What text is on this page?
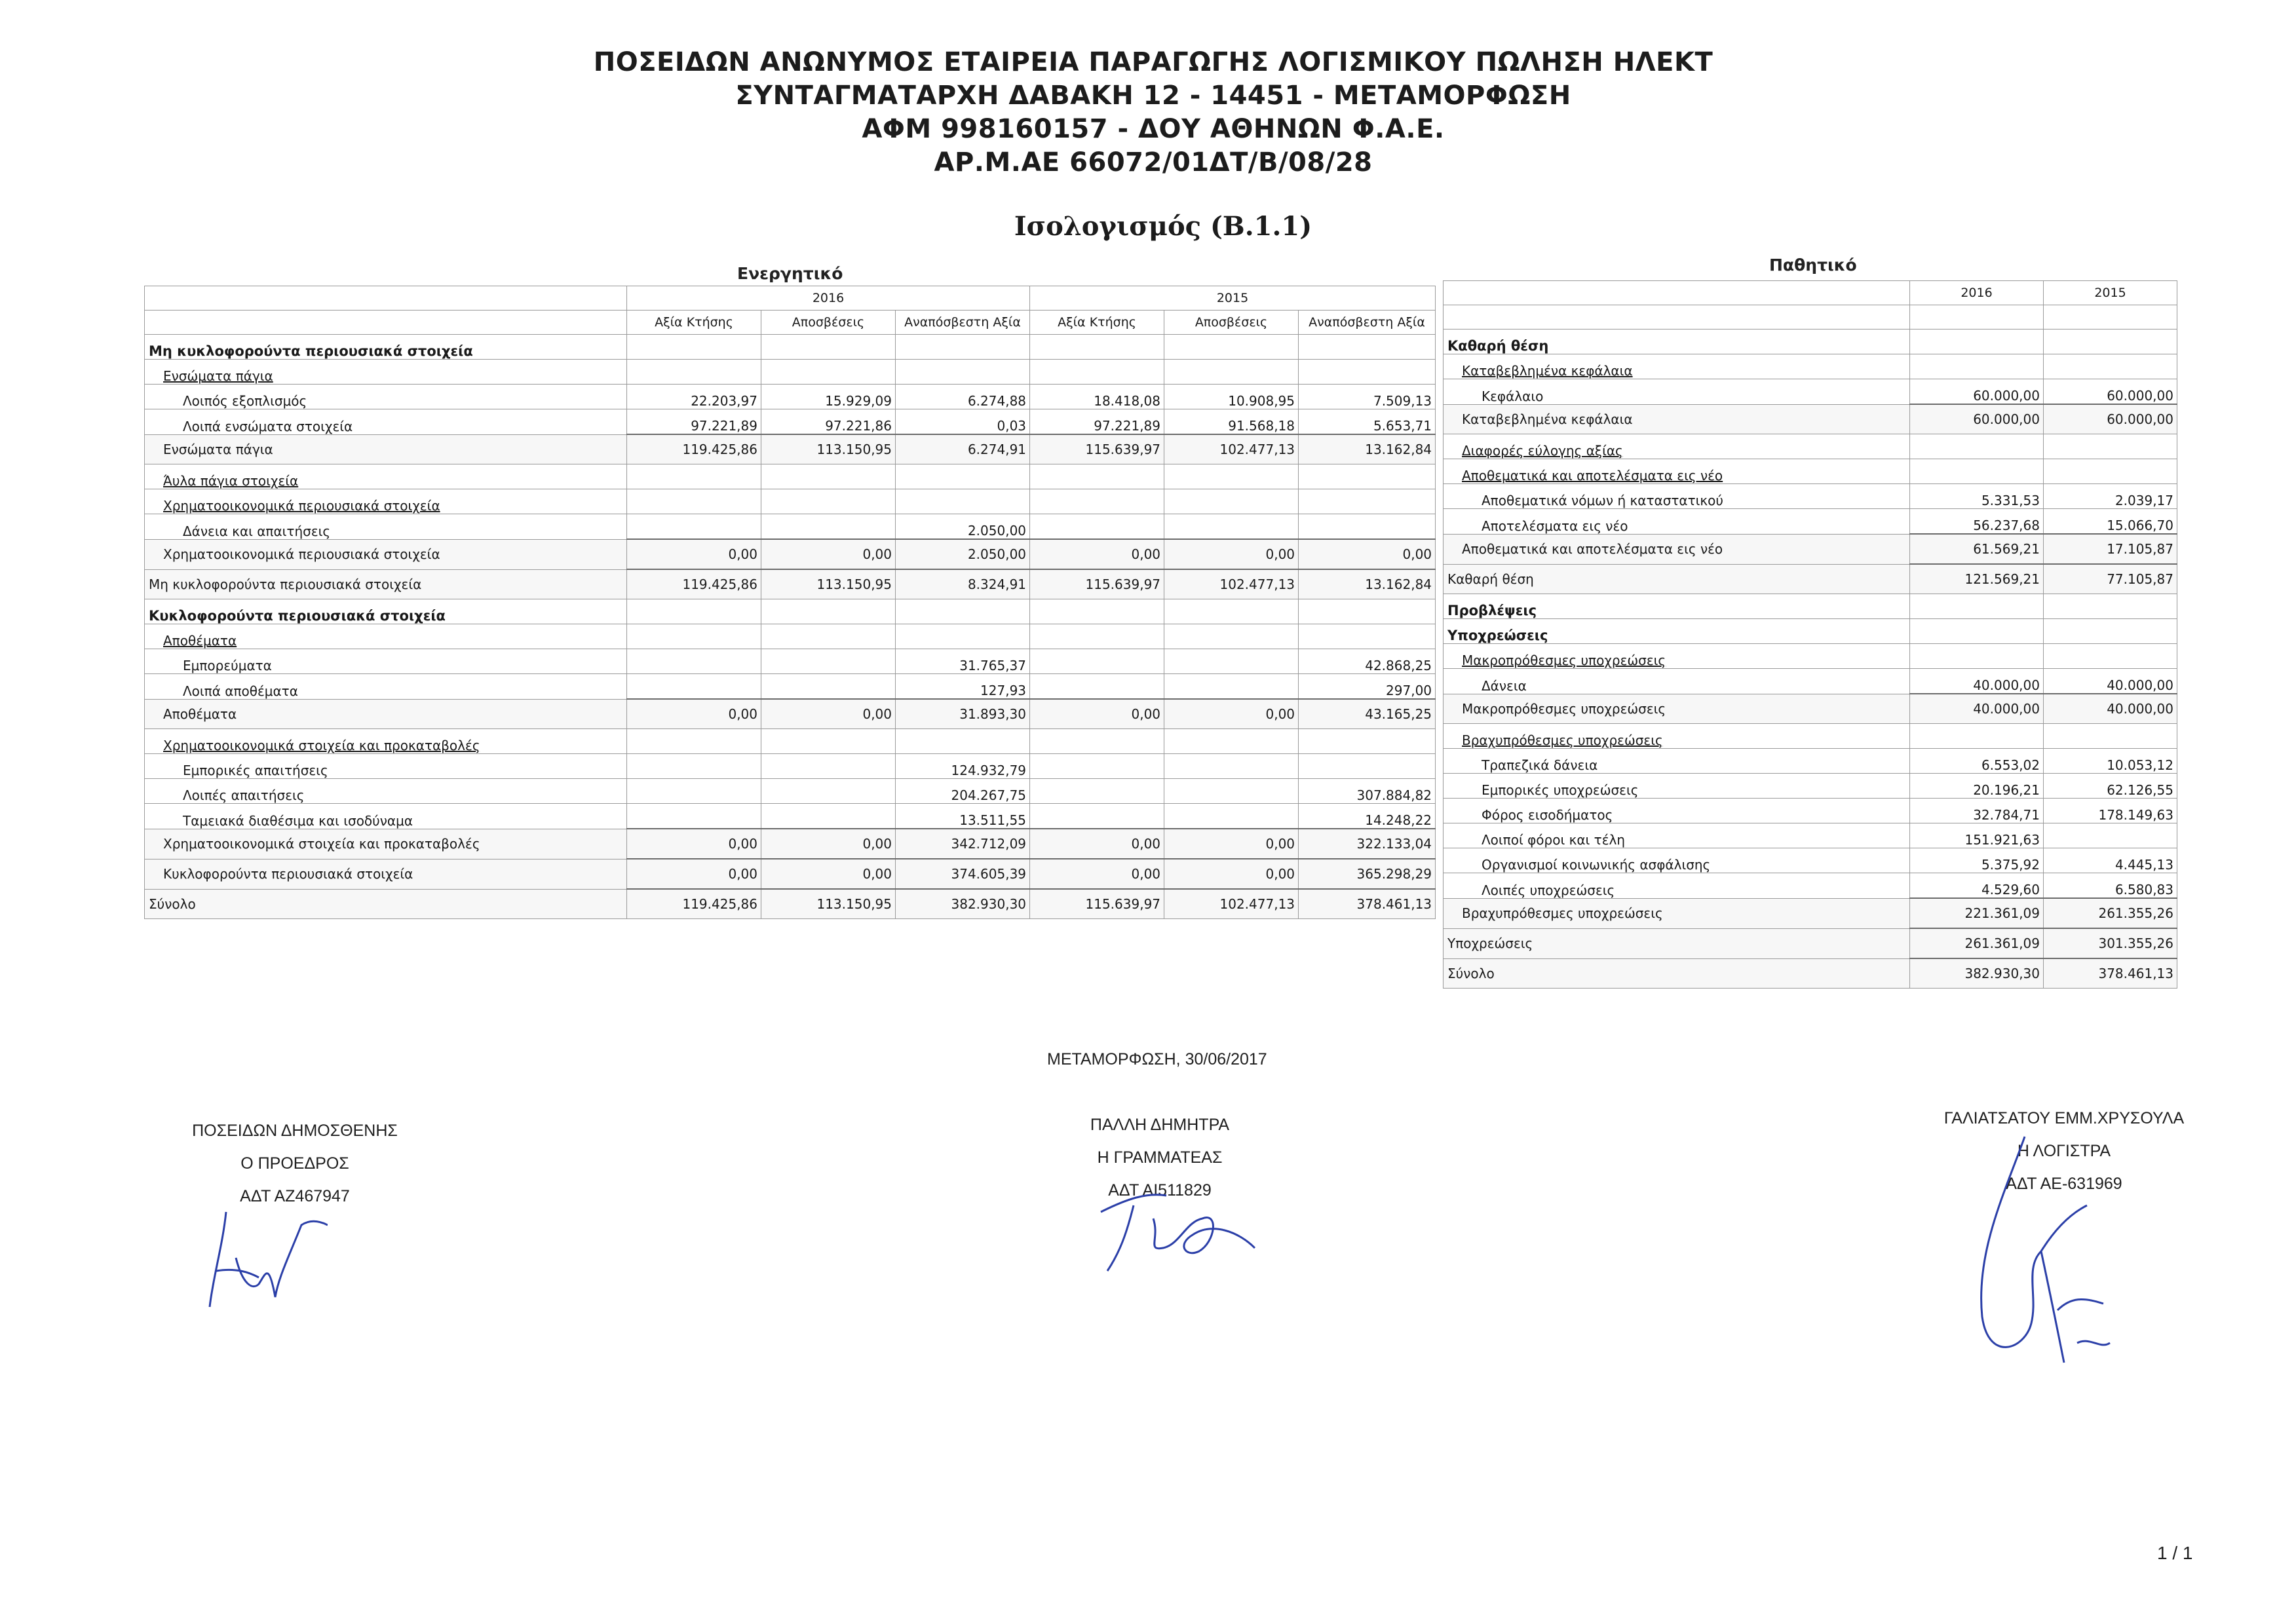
ΠΟΣΕΙΔΩΝ ΑΝΩΝΥΜΟΣ ΕΤΑΙΡΕΙΑ ΠΑΡΑΓΩΓΗΣ ΛΟΓΙΣΜΙΚΟΥ ΠΩΛΗΣΗ ΗΛΕΚΤ
ΣΥΝΤΑΓΜΑΤΑΡΧΗ ΔΑΒΑΚΗ 12 - 14451 - ΜΕΤΑΜΟΡΦΩΣΗ
ΑΦΜ 998160157 - ΔΟΥ ΑΘΗΝΩΝ Φ.Α.Ε.
ΑΡ.Μ.ΑΕ 66072/01ΔΤ/Β/08/28
Ισολογισμός (Β.1.1)
Ενεργητικό
	2016			2015		
	Αξία Κτήσης	Αποσβέσεις	Αναπόσβεστη Αξία	Αξία Κτήσης	Αποσβέσεις	Αναπόσβεστη Αξία
Μη κυκλοφορούντα περιουσιακά στοιχεία						
Ενσώματα πάγια						
Λοιπός εξοπλισμός	22.203,97	15.929,09	6.274,88	18.418,08	10.908,95	7.509,13
Λοιπά ενσώματα στοιχεία	97.221,89	97.221,86	0,03	97.221,89	91.568,18	5.653,71
Ενσώματα πάγια	119.425,86	113.150,95	6.274,91	115.639,97	102.477,13	13.162,84
Άυλα πάγια στοιχεία						
Χρηματοοικονομικά περιουσιακά στοιχεία						
Δάνεια και απαιτήσεις			2.050,00			
Χρηματοοικονομικά περιουσιακά στοιχεία	0,00	0,00	2.050,00	0,00	0,00	0,00
Μη κυκλοφορούντα περιουσιακά στοιχεία	119.425,86	113.150,95	8.324,91	115.639,97	102.477,13	13.162,84
Κυκλοφορούντα περιουσιακά στοιχεία						
Αποθέματα						
Εμπορεύματα			31.765,37			42.868,25
Λοιπά αποθέματα			127,93			297,00
Αποθέματα	0,00	0,00	31.893,30	0,00	0,00	43.165,25
Χρηματοοικονομικά στοιχεία και προκαταβολές						
Εμπορικές απαιτήσεις			124.932,79			
Λοιπές απαιτήσεις			204.267,75			307.884,82
Ταμειακά διαθέσιμα και ισοδύναμα			13.511,55			14.248,22
Χρηματοοικονομικά στοιχεία και προκαταβολές	0,00	0,00	342.712,09	0,00	0,00	322.133,04
Κυκλοφορούντα περιουσιακά στοιχεία	0,00	0,00	374.605,39	0,00	0,00	365.298,29
Σύνολο	119.425,86	113.150,95	382.930,30	115.639,97	102.477,13	378.461,13
Παθητικό
	2016	2015

Καθαρή θέση		
Καταβεβλημένα κεφάλαια		
Κεφάλαιο	60.000,00	60.000,00
Καταβεβλημένα κεφάλαια	60.000,00	60.000,00
Διαφορές εύλογης αξίας		
Αποθεματικά και αποτελέσματα εις νέο		
Αποθεματικά νόμων ή καταστατικού	5.331,53	2.039,17
Αποτελέσματα εις νέο	56.237,68	15.066,70
Αποθεματικά και αποτελέσματα εις νέο	61.569,21	17.105,87
Καθαρή θέση	121.569,21	77.105,87
Προβλέψεις		
Υποχρεώσεις		
Μακροπρόθεσμες υποχρεώσεις		
Δάνεια	40.000,00	40.000,00
Μακροπρόθεσμες υποχρεώσεις	40.000,00	40.000,00
Βραχυπρόθεσμες υποχρεώσεις		
Τραπεζικά δάνεια	6.553,02	10.053,12
Εμπορικές υποχρεώσεις	20.196,21	62.126,55
Φόρος εισοδήματος	32.784,71	178.149,63
Λοιποί φόροι και τέλη	151.921,63	
Οργανισμοί κοινωνικής ασφάλισης	5.375,92	4.445,13
Λοιπές υποχρεώσεις	4.529,60	6.580,83
Βραχυπρόθεσμες υποχρεώσεις	221.361,09	261.355,26
Υποχρεώσεις	261.361,09	301.355,26
Σύνολο	382.930,30	378.461,13
ΜΕΤΑΜΟΡΦΩΣΗ, 30/06/2017
ΠΟΣΕΙΔΩΝ ΔΗΜΟΣΘΕΝΗΣ
Ο ΠΡΟΕΔΡΟΣ
ΑΔΤ ΑΖ467947
ΠΑΛΛΗ ΔΗΜΗΤΡΑ
Η ΓΡΑΜΜΑΤΕΑΣ
ΑΔΤ ΑΙ511829
ΓΑΛΙΑΤΣΑΤΟΥ ΕΜΜ.ΧΡΥΣΟΥΛΑ
Η ΛΟΓΙΣΤΡΑ
ΑΔΤ ΑΕ-631969
1 / 1
